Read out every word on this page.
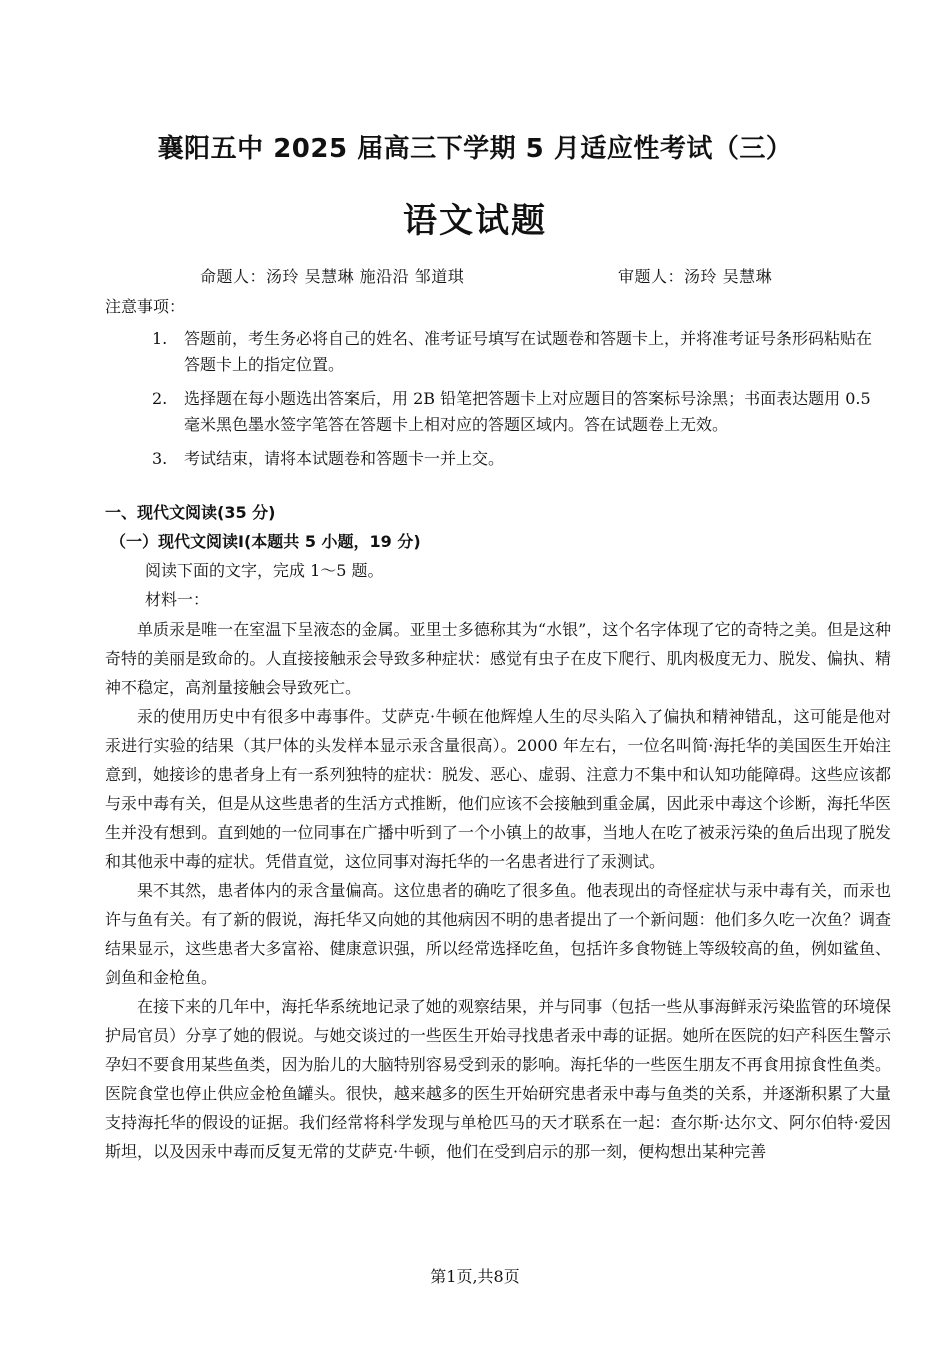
襄阳五中 2025 届高三下学期 5 月适应性考试（三）
语文试题
命题人：汤玲 吴慧琳 施沿沿 邹道琪	审题人：汤玲 吴慧琳
注意事项：
1. 答题前，考生务必将自己的姓名、准考证号填写在试题卷和答题卡上，并将准考证号条形码粘贴在答题卡上的指定位置。
2. 选择题在每小题选出答案后，用 2B 铅笔把答题卡上对应题目的答案标号涂黑；书面表达题用 0.5 毫米黑色墨水签字笔答在答题卡上相对应的答题区域内。答在试题卷上无效。
3. 考试结束，请将本试题卷和答题卡一并上交。
一、现代文阅读(35 分)
（一）现代文阅读Ⅰ(本题共 5 小题，19 分)
阅读下面的文字，完成 1～5 题。
材料一：

单质汞是唯一在室温下呈液态的金属。亚里士多德称其为“水银”，这个名字体现了它的奇特之美。但是这种奇特的美丽是致命的。人直接接触汞会导致多种症状：感觉有虫子在皮下爬行、肌肉极度无力、脱发、偏执、精神不稳定，高剂量接触会导致死亡。

汞的使用历史中有很多中毒事件。艾萨克·牛顿在他辉煌人生的尽头陷入了偏执和精神错乱，这可能是他对汞进行实验的结果（其尸体的头发样本显示汞含量很高）。2000 年左右，一位名叫简·海托华的美国医生开始注意到，她接诊的患者身上有一系列独特的症状：脱发、恶心、虚弱、注意力不集中和认知功能障碍。这些应该都与汞中毒有关，但是从这些患者的生活方式推断，他们应该不会接触到重金属，因此汞中毒这个诊断，海托华医生并没有想到。直到她的一位同事在广播中听到了一个小镇上的故事，当地人在吃了被汞污染的鱼后出现了脱发和其他汞中毒的症状。凭借直觉，这位同事对海托华的一名患者进行了汞测试。

果不其然，患者体内的汞含量偏高。这位患者的确吃了很多鱼。他表现出的奇怪症状与汞中毒有关，而汞也许与鱼有关。有了新的假说，海托华又向她的其他病因不明的患者提出了一个新问题：他们多久吃一次鱼？调查结果显示，这些患者大多富裕、健康意识强，所以经常选择吃鱼，包括许多食物链上等级较高的鱼，例如鲨鱼、剑鱼和金枪鱼。

在接下来的几年中，海托华系统地记录了她的观察结果，并与同事（包括一些从事海鲜汞污染监管的环境保护局官员）分享了她的假说。与她交谈过的一些医生开始寻找患者汞中毒的证据。她所在医院的妇产科医生警示孕妇不要食用某些鱼类，因为胎儿的大脑特别容易受到汞的影响。海托华的一些医生朋友不再食用掠食性鱼类。医院食堂也停止供应金枪鱼罐头。很快，越来越多的医生开始研究患者汞中毒与鱼类的关系，并逐渐积累了大量支持海托华的假设的证据。我们经常将科学发现与单枪匹马的天才联系在一起：查尔斯·达尔文、阿尔伯特·爱因斯坦，以及因汞中毒而反复无常的艾萨克·牛顿，他们在受到启示的那一刻，便构想出某种完善

第1页,共8页
